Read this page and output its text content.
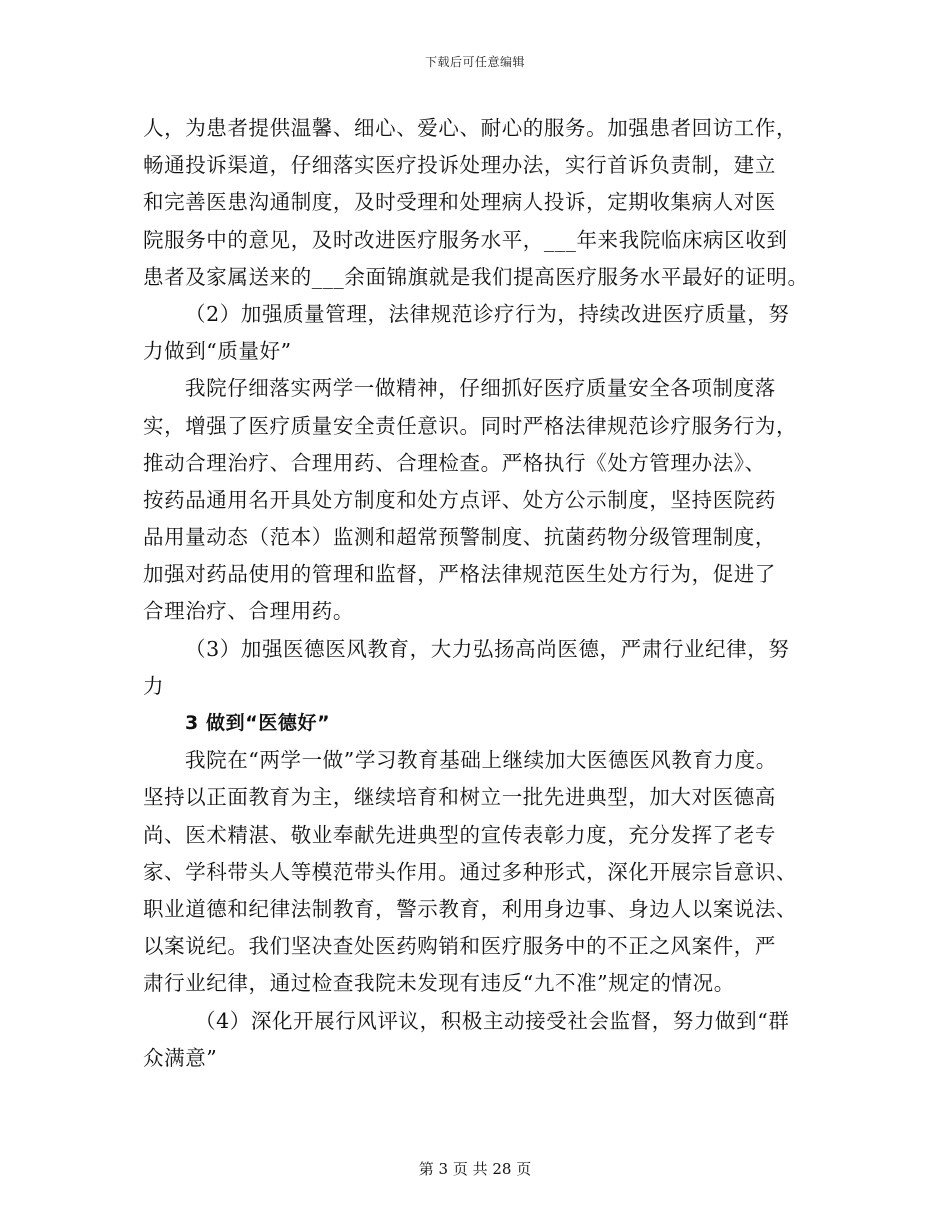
下载后可任意编辑
人，为患者提供温馨、细心、爱心、耐心的服务。加强患者回访工作，
畅通投诉渠道，仔细落实医疗投诉处理办法，实行首诉负责制，建立
和完善医患沟通制度，及时受理和处理病人投诉，定期收集病人对医
院服务中的意见，及时改进医疗服务水平，___年来我院临床病区收到
患者及家属送来的___余面锦旗就是我们提高医疗服务水平最好的证明。
（2）加强质量管理，法律规范诊疗行为，持续改进医疗质量，努
力做到“质量好”
我院仔细落实两学一做精神，仔细抓好医疗质量安全各项制度落
实，增强了医疗质量安全责任意识。同时严格法律规范诊疗服务行为，
推动合理治疗、合理用药、合理检查。严格执行《处方管理办法》、
按药品通用名开具处方制度和处方点评、处方公示制度，坚持医院药
品用量动态（范本）监测和超常预警制度、抗菌药物分级管理制度，
加强对药品使用的管理和监督，严格法律规范医生处方行为，促进了
合理治疗、合理用药。
（3）加强医德医风教育，大力弘扬高尚医德，严肃行业纪律，努
力
3 做到“医德好”
我院在“两学一做”学习教育基础上继续加大医德医风教育力度。
坚持以正面教育为主，继续培育和树立一批先进典型，加大对医德高
尚、医术精湛、敬业奉献先进典型的宣传表彰力度，充分发挥了老专
家、学科带头人等模范带头作用。通过多种形式，深化开展宗旨意识、
职业道德和纪律法制教育，警示教育，利用身边事、身边人以案说法、
以案说纪。我们坚决查处医药购销和医疗服务中的不正之风案件，严
肃行业纪律，通过检查我院未发现有违反“九不准”规定的情况。
（4）深化开展行风评议，积极主动接受社会监督，努力做到“群
众满意”
第 3 页 共 28 页
